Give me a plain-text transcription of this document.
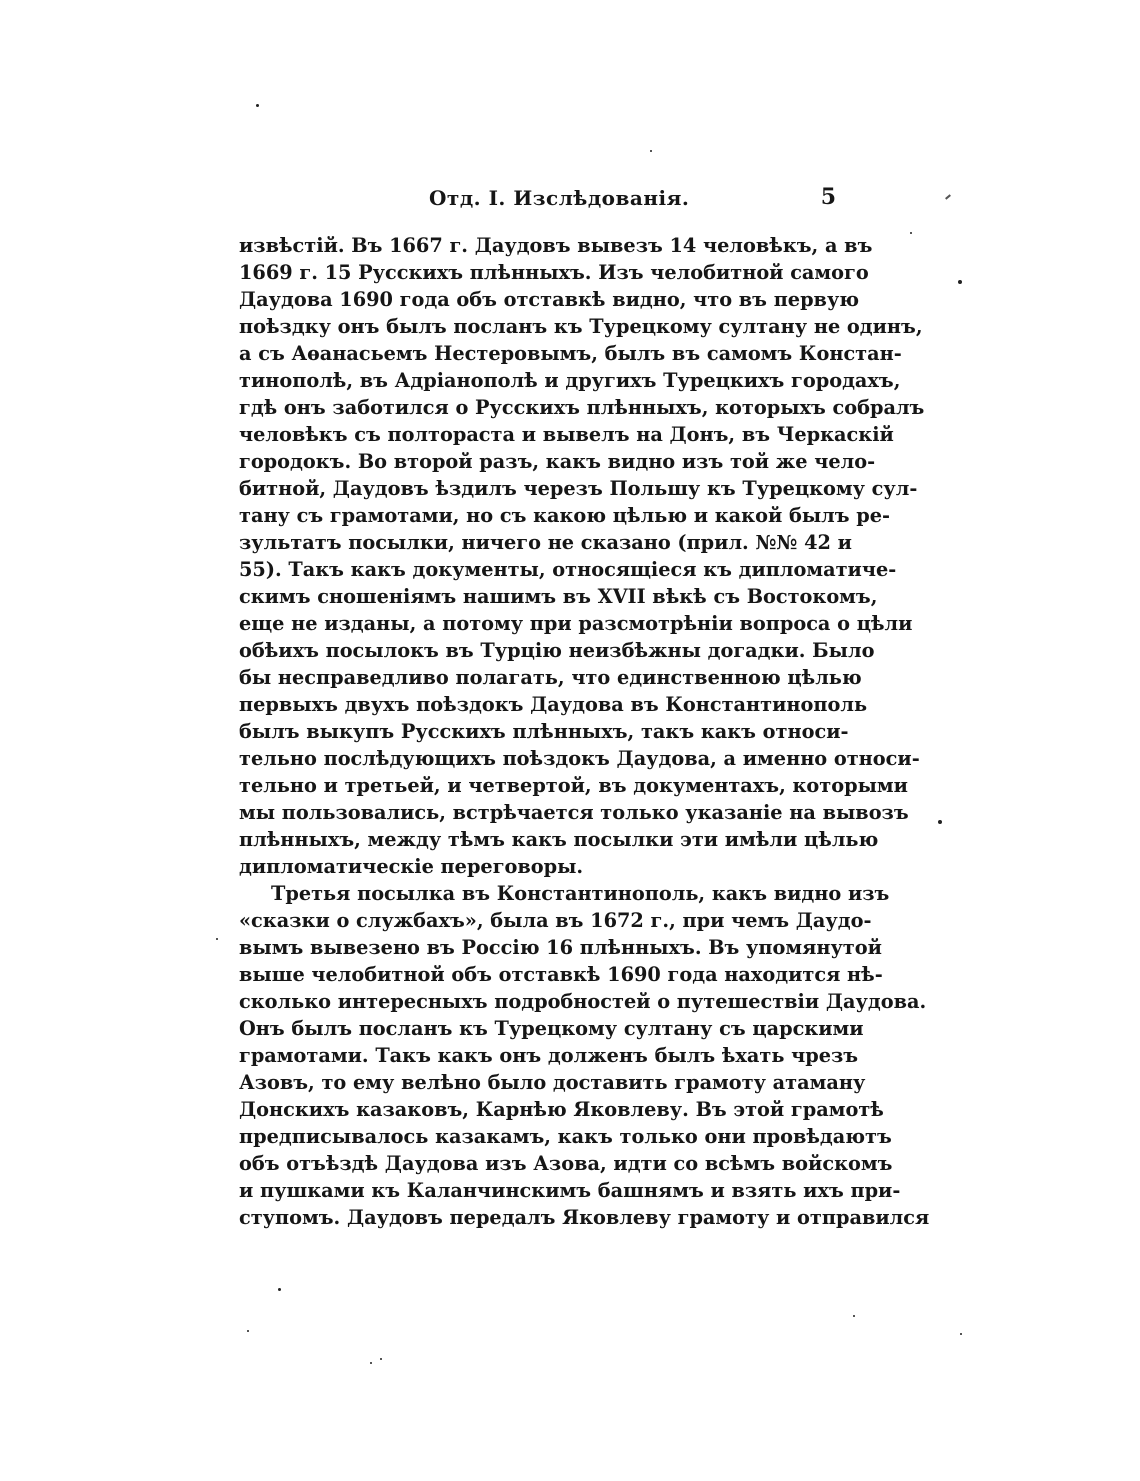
Отд. I. Изслѣдованія.	5
извѣстій. Въ 1667 г. Даудовъ вывезъ 14 человѣкъ, а въ
1669 г. 15 Русскихъ плѣнныхъ. Изъ челобитной самого
Даудова 1690 года объ отставкѣ видно, что въ первую
поѣздку онъ былъ посланъ къ Турецкому султану не одинъ,
а съ Аѳанасьемъ Нестеровымъ, былъ въ самомъ Констан-
тинополѣ, въ Адріанополѣ и другихъ Турецкихъ городахъ,
гдѣ онъ заботился о Русскихъ плѣнныхъ, которыхъ собралъ
человѣкъ съ полтораста и вывелъ на Донъ, въ Черкаскій
городокъ. Во второй разъ, какъ видно изъ той же чело-
битной, Даудовъ ѣздилъ черезъ Польшу къ Турецкому сул-
тану съ грамотами, но съ какою цѣлью и какой былъ ре-
зультатъ посылки, ничего не сказано (прил. №№ 42 и
55). Такъ какъ документы, относящіеся къ дипломатиче-
скимъ сношеніямъ нашимъ въ XVII вѣкѣ съ Востокомъ,
еще не изданы, а потому при разсмотрѣніи вопроса о цѣли
обѣихъ посылокъ въ Турцію неизбѣжны догадки. Было
бы несправедливо полагать, что единственною цѣлью
первыхъ двухъ поѣздокъ Даудова въ Константинополь
былъ выкупъ Русскихъ плѣнныхъ, такъ какъ относи-
тельно послѣдующихъ поѣздокъ Даудова, а именно относи-
тельно и третьей, и четвертой, въ документахъ, которыми
мы пользовались, встрѣчается только указаніе на вывозъ
плѣнныхъ, между тѣмъ какъ посылки эти имѣли цѣлью
дипломатическіе переговоры.
Третья посылка въ Константинополь, какъ видно изъ
«сказки о службахъ», была въ 1672 г., при чемъ Даудо-
вымъ вывезено въ Россію 16 плѣнныхъ. Въ упомянутой
выше челобитной объ отставкѣ 1690 года находится нѣ-
сколько интересныхъ подробностей о путешествіи Даудова.
Онъ былъ посланъ къ Турецкому султану съ царскими
грамотами. Такъ какъ онъ долженъ былъ ѣхать чрезъ
Азовъ, то ему велѣно было доставить грамоту атаману
Донскихъ казаковъ, Карнѣю Яковлеву. Въ этой грамотѣ
предписывалось казакамъ, какъ только они провѣдаютъ
объ отъѣздѣ Даудова изъ Азова, идти со всѣмъ войскомъ
и пушками къ Каланчинскимъ башнямъ и взять ихъ при-
ступомъ. Даудовъ передалъ Яковлеву грамоту и отправился
